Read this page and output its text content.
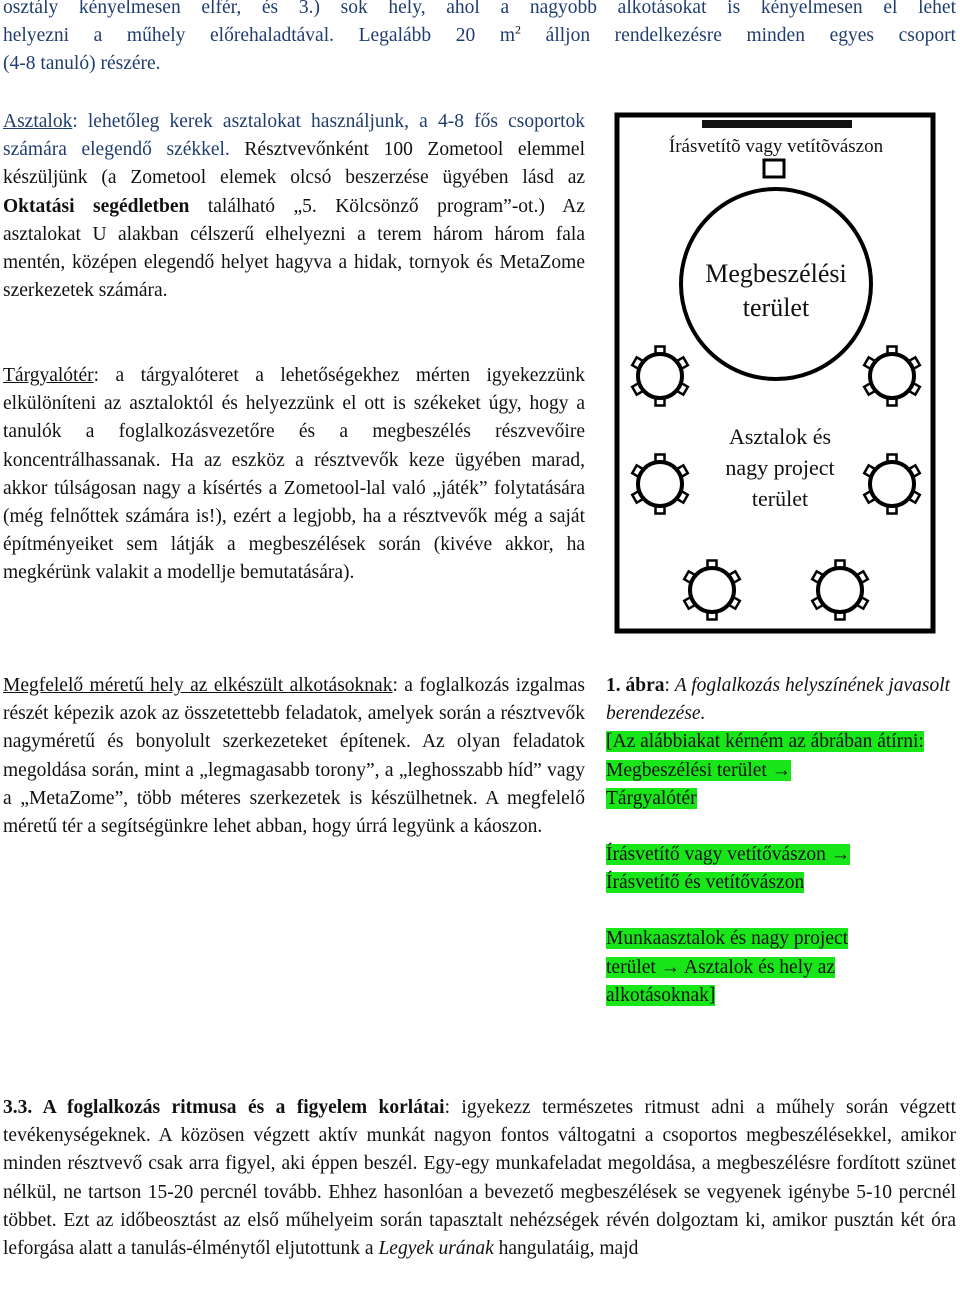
osztály kényelmesen elfér, és 3.) sok hely, ahol a nagyobb alkotásokat is kényelmesen el lehet

helyezni a műhely előrehaladtával. Legalább 20 $m^2$ álljon rendelkezésre minden egyes csoport

(4-8 tanuló) részére.

Asztalok: lehetőleg kerek asztalokat használjunk, a 4-8 fős csoportok számára elegendő székkel. Résztvevőnként 100 Zometool elemmel készüljünk (a Zometool elemek olcsó beszerzése ügyében lásd az Oktatási segédletben található „5. Kölcsönző program”-ot.) Az asztalokat U alakban célszerű elhelyezni a terem három három fala mentén, középen elegendő helyet hagyva a hidak, tornyok és MetaZome szerkezetek számára.

Tárgyalótér: a tárgyalóteret a lehetőségekhez mérten igyekezzünk elkülöníteni az asztaloktól és helyezzünk el ott is székeket úgy, hogy a tanulók a foglalkozásvezetőre és a megbeszélés részvevőire koncentrálhassanak. Ha az eszköz a résztvevők keze ügyében marad, akkor túlságosan nagy a kísértés a Zometool-lal való „játék” folytatására (még felnőttek számára is!), ezért a legjobb, ha a résztvevők még a saját építményeiket sem látják a megbeszélések során (kivéve akkor, ha megkérünk valakit a modellje bemutatására).

Megfelelő méretű hely az elkészült alkotásoknak: a foglalkozás izgalmas részét képezik azok az összetettebb feladatok, amelyek során a résztvevők nagyméretű és bonyolult szerkezeteket építenek. Az olyan feladatok megoldása során, mint a „legmagasabb torony”, a „leghosszabb híd” vagy a „MetaZome”, több méteres szerkezetek is készülhetnek. A megfelelő méretű tér a segítségünkre lehet abban, hogy úrrá legyünk a káoszon.

Írásvetítõ vagy vetítõvászon
Megbeszélési
terület
Asztalok és
nagy project
terület

1. ábra: A foglalkozás helyszínének javasolt berendezése.

[Az alábbiakat kérném az ábrában átírni:

Megbeszélési terület →

Tárgyalótér

Írásvetítő vagy vetítővászon →

Írásvetítő és vetítővászon

Munkaasztalok és nagy project

terület → Asztalok és hely az

alkotásoknak]

3.3. A foglalkozás ritmusa és a figyelem korlátai: igyekezz természetes ritmust adni a műhely során végzett tevékenységeknek. A közösen végzett aktív munkát nagyon fontos váltogatni a csoportos megbeszélésekkel, amikor minden résztvevő csak arra figyel, aki éppen beszél. Egy-egy munkafeladat megoldása, a megbeszélésre fordított szünet nélkül, ne tartson 15-20 percnél tovább. Ehhez hasonlóan a bevezető megbeszélések se vegyenek igénybe 5-10 percnél többet. Ezt az időbeosztást az első műhelyeim során tapasztalt nehézségek révén dolgoztam ki, amikor pusztán két óra leforgása alatt a tanulás-élménytől eljutottunk a Legyek urának hangulatáig, majd
